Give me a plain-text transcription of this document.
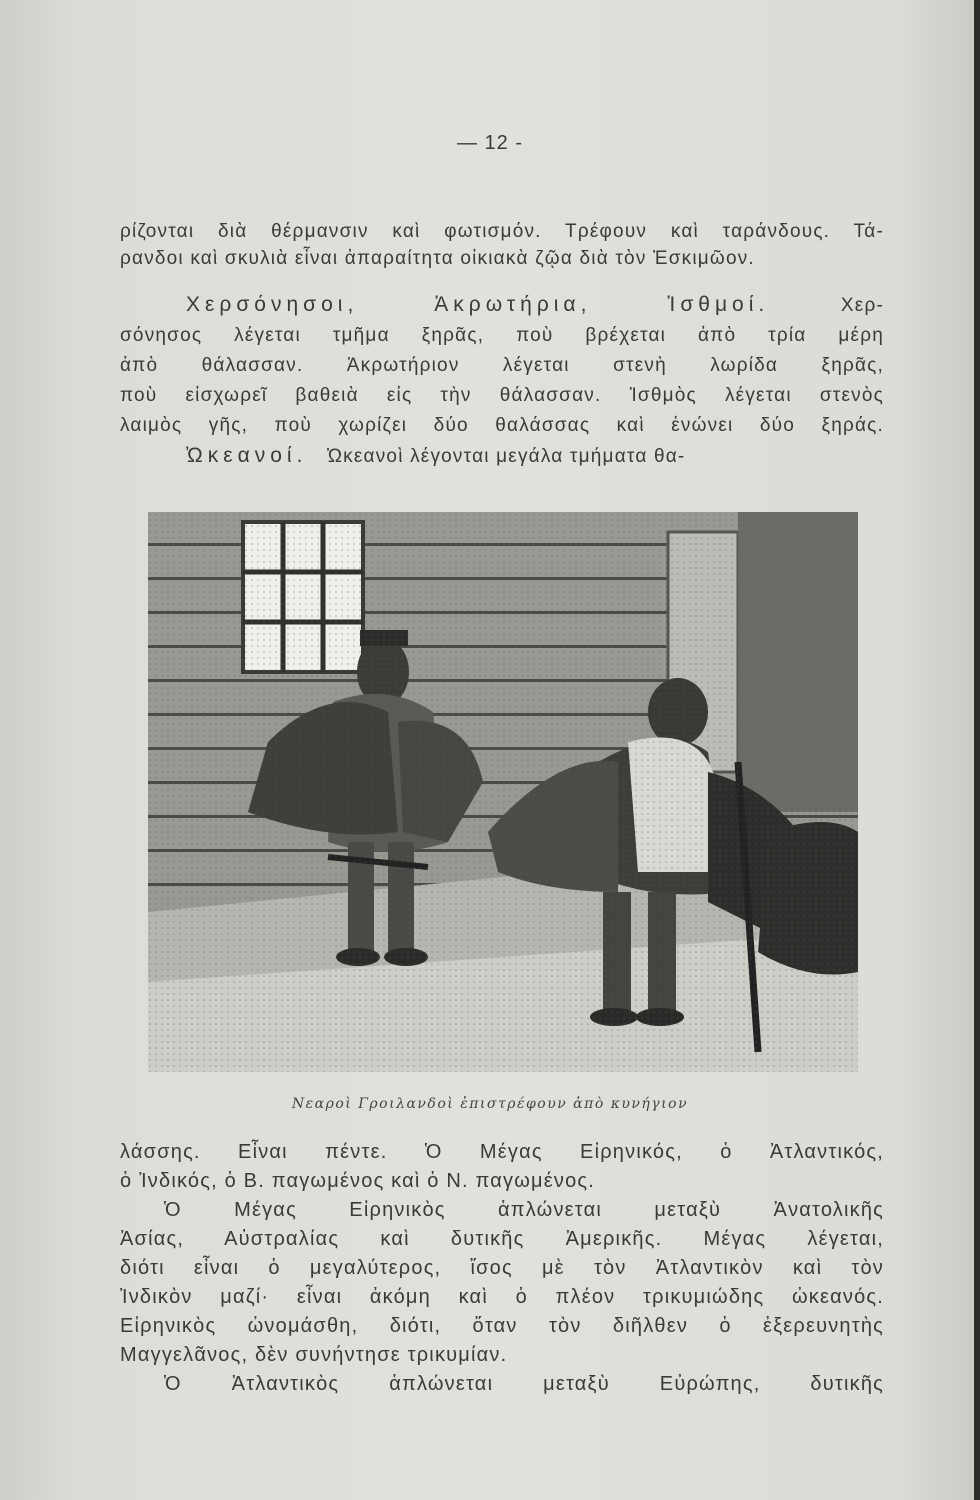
— 12 -
ρίζονται διὰ θέρμανσιν καὶ φωτισμόν. Τρέφουν καὶ ταράνδους. Τά-
ρανδοι καὶ σκυλιὰ εἶναι ἀπαραίτητα οἰκιακὰ ζῷα διὰ τὸν Ἐσκιμῶον.
Χερσόνησοι, Ἀκρωτήρια, Ἰσθμοί.	Χερ-
σόνησος λέγεται τμῆμα ξηρᾶς, ποὺ βρέχεται ἀπὸ τρία μέρη
ἀπὸ θάλασσαν. Ἀκρωτήριον λέγεται στενὴ λωρίδα ξηρᾶς,
ποὺ εἰσχωρεῖ βαθειὰ εἰς τὴν θάλασσαν. Ἰσθμὸς λέγεται στενὸς
λαιμὸς γῆς, ποὺ χωρίζει δύο θαλάσσας καὶ ἑνώνει δύο ξηράς.
Ὠκεανοί. Ὠκεανοὶ λέγονται μεγάλα τμήματα θα-
Νεαροὶ Γροιλανδοὶ ἐπιστρέφουν ἀπὸ κυνήγιον
λάσσης. Εἶναι πέντε. Ὁ Μέγας Εἰρηνικός, ὁ Ἀτλαντικός,
ὁ Ἰνδικός, ὁ Β. παγωμένος καὶ ὁ Ν. παγωμένος.
Ὁ Μέγας Εἰρηνικὸς ἁπλώνεται μεταξὺ Ἀνατολικῆς
Ἀσίας, Αὐστραλίας καὶ δυτικῆς Ἀμερικῆς. Μέγας λέγεται,
διότι εἶναι ὁ μεγαλύτερος, ἴσος μὲ τὸν Ἀτλαντικὸν καὶ τὸν
Ἰνδικὸν μαζί· εἶναι ἀκόμη καὶ ὁ πλέον τρικυμιώδης ὠκεανός.
Εἰρηνικὸς ὠνομάσθη, διότι, ὅταν τὸν διῆλθεν ὁ ἐξερευνητὴς
Μαγγελᾶνος, δὲν συνήντησε τρικυμίαν.
Ὁ Ἀτλαντικὸς ἁπλώνεται μεταξὺ Εὐρώπης, δυτικῆς
